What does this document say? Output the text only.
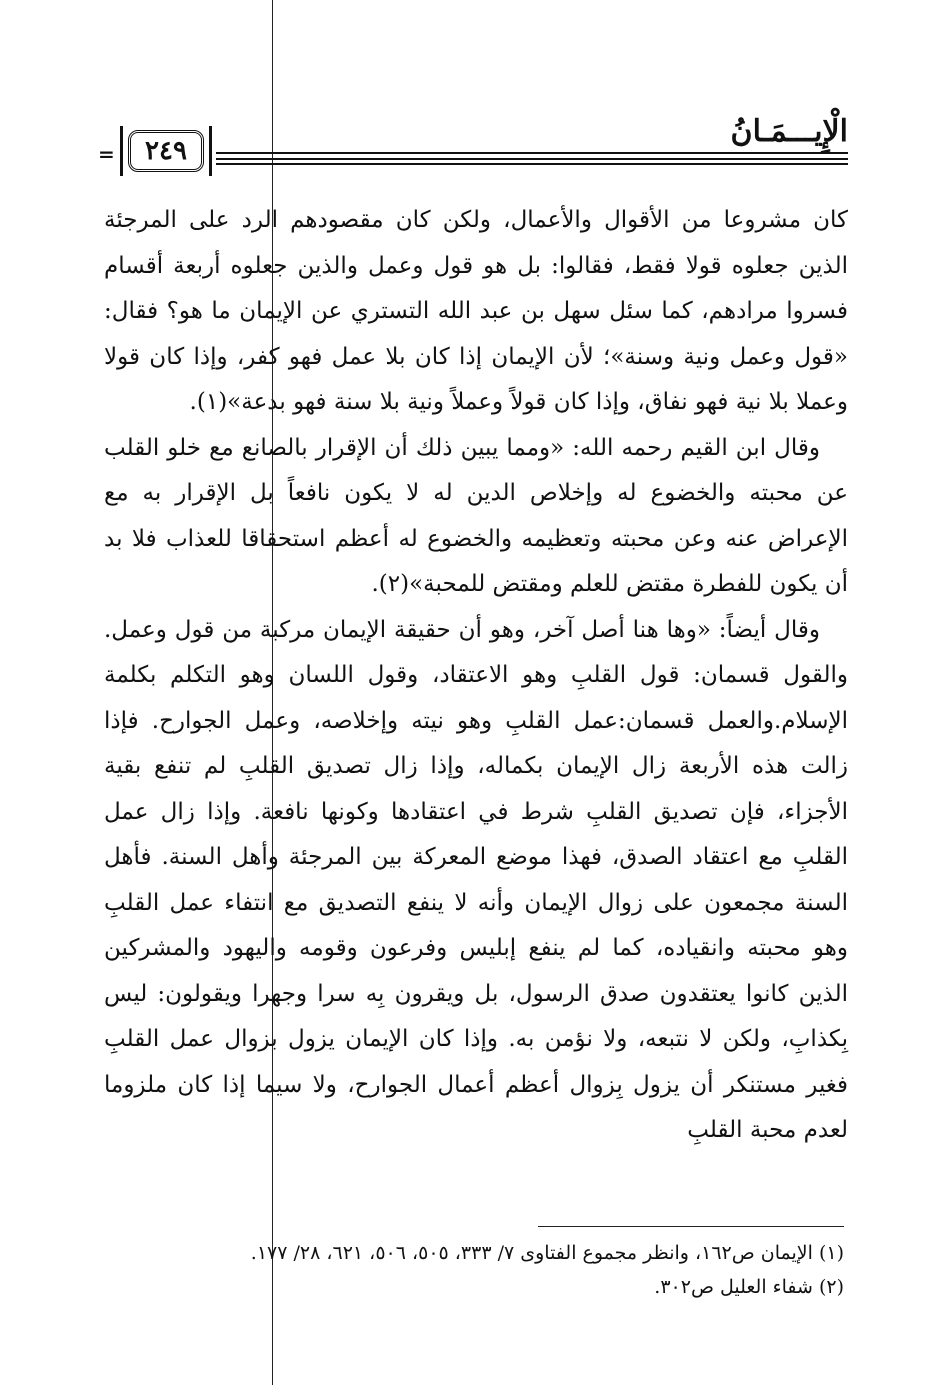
الْإِيـــمَـانُ
٢٤٩
=

كان مشروعا من الأقوال والأعمال، ولكن كان مقصودهم الرد على المرجئة الذين جعلوه قولا فقط، فقالوا: بل هو قول وعمل والذين جعلوه أربعة أقسام فسروا مرادهم، كما سئل سهل بن عبد الله التستري عن الإيمان ما هو؟ فقال: «قول وعمل ونية وسنة»؛ لأن الإيمان إذا كان بلا عمل فهو كفر، وإذا كان قولا وعملا بلا نية فهو نفاق، وإذا كان قولاً وعملاً ونية بلا سنة فهو بدعة»(١).

وقال ابن القيم رحمه الله: «ومما يبين ذلك أن الإقرار بالصانع مع خلو القلب عن محبته والخضوع له وإخلاص الدين له لا يكون نافعاً بل الإقرار به مع الإعراض عنه وعن محبته وتعظيمه والخضوع له أعظم استحقاقا للعذاب فلا بد أن يكون للفطرة مقتض للعلم ومقتض للمحبة»(٢).

وقال أيضاً: «وها هنا أصل آخر، وهو أن حقيقة الإيمان مركبة من قول وعمل. والقول قسمان: قول القلبِ وهو الاعتقاد، وقول اللسان وهو التكلم بكلمة الإسلام.والعمل قسمان:عمل القلبِ وهو نيته وإخلاصه، وعمل الجوارح. فإذا زالت هذه الأربعة زال الإيمان بكماله، وإذا زال تصديق القلبِ لم تنفع بقية الأجزاء، فإن تصديق القلبِ شرط في اعتقادها وكونها نافعة. وإذا زال عمل القلبِ مع اعتقاد الصدق، فهذا موضع المعركة بين المرجئة وأهل السنة. فأهل السنة مجمعون على زوال الإيمان وأنه لا ينفع التصديق مع انتفاء عمل القلبِ وهو محبته وانقياده، كما لم ينفع إبليس وفرعون وقومه واليهود والمشركين الذين كانوا يعتقدون صدق الرسول، بل ويقرون بِه سرا وجهرا ويقولون: ليس بِكذابِ، ولكن لا نتبعه، ولا نؤمن به. وإذا كان الإيمان يزول بزوال عمل القلبِ فغير مستنكر أن يزول بِزوال أعظم أعمال الجوارح، ولا سيما إذا كان ملزوما لعدم محبة القلبِ

(١) الإيمان ص١٦٢، وانظر مجموع الفتاوى ٧/ ٣٣٣، ٥٠٥، ٥٠٦، ٦٢١، ٢٨/ ١٧٧.
(٢) شفاء العليل ص٣٠٢.
